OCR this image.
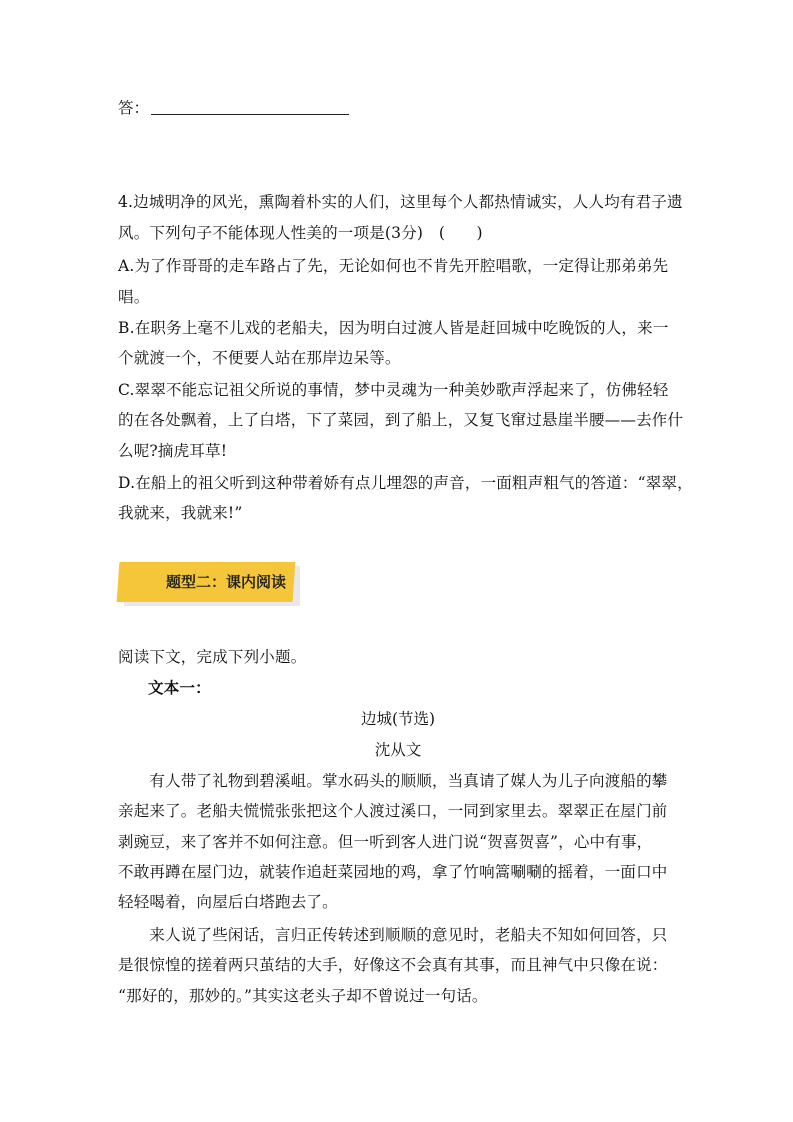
答：
4.边城明净的风光，熏陶着朴实的人们，这里每个人都热情诚实，人人均有君子遗
风。下列句子不能体现人性美的一项是(3分)　(　　)
A.为了作哥哥的走车路占了先，无论如何也不肯先开腔唱歌，一定得让那弟弟先
唱。
B.在职务上毫不儿戏的老船夫，因为明白过渡人皆是赶回城中吃晚饭的人，来一
个就渡一个，不便要人站在那岸边呆等。
C.翠翠不能忘记祖父所说的事情，梦中灵魂为一种美妙歌声浮起来了，仿佛轻轻
的在各处飘着，上了白塔，下了菜园，到了船上，又复飞窜过悬崖半腰——去作什
么呢?摘虎耳草!
D.在船上的祖父听到这种带着娇有点儿埋怨的声音，一面粗声粗气的答道：“翠翠，
我就来，我就来!”
题型二：课内阅读
阅读下文，完成下列小题。
文本一：
边城(节选)
沈从文
　　有人带了礼物到碧溪岨。掌水码头的顺顺，当真请了媒人为儿子向渡船的攀
亲起来了。老船夫慌慌张张把这个人渡过溪口，一同到家里去。翠翠正在屋门前
剥豌豆，来了客并不如何注意。但一听到客人进门说“贺喜贺喜”，心中有事，
不敢再蹲在屋门边，就装作追赶菜园地的鸡，拿了竹响篙唰唰的摇着，一面口中
轻轻喝着，向屋后白塔跑去了。
　　来人说了些闲话，言归正传转述到顺顺的意见时，老船夫不知如何回答，只
是很惊惶的搓着两只茧结的大手，好像这不会真有其事，而且神气中只像在说：
“那好的，那妙的。”其实这老头子却不曾说过一句话。
